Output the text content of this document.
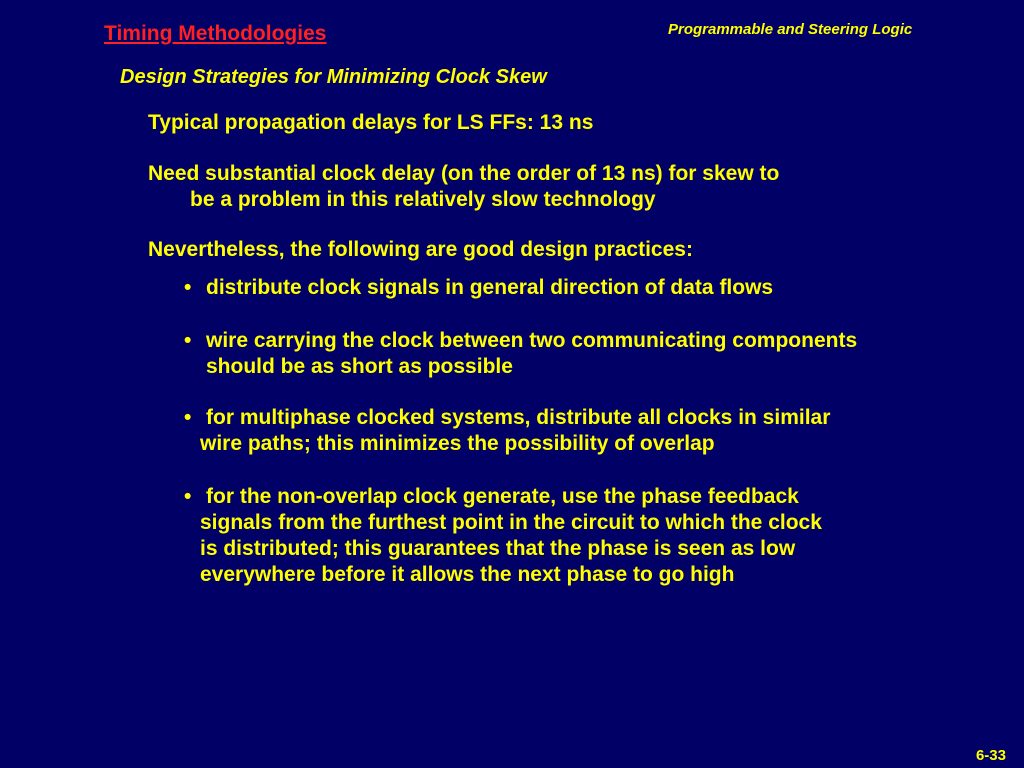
Timing Methodologies	Programmable and Steering Logic
Design Strategies for Minimizing Clock Skew
Typical propagation delays for LS FFs: 13 ns
Need substantial clock delay (on the order of 13 ns) for skew to
be a problem in this relatively slow technology
Nevertheless, the following are good design practices:
• distribute clock signals in general direction of data flows
• wire carrying the clock between two communicating components
should be as short as possible
• for multiphase clocked systems, distribute all clocks in similar
wire paths; this minimizes the possibility of overlap
• for the non-overlap clock generate, use the phase feedback
signals from the furthest point in the circuit to which the clock
is distributed; this guarantees that the phase is seen as low
everywhere before it allows the next phase to go high
6-33
